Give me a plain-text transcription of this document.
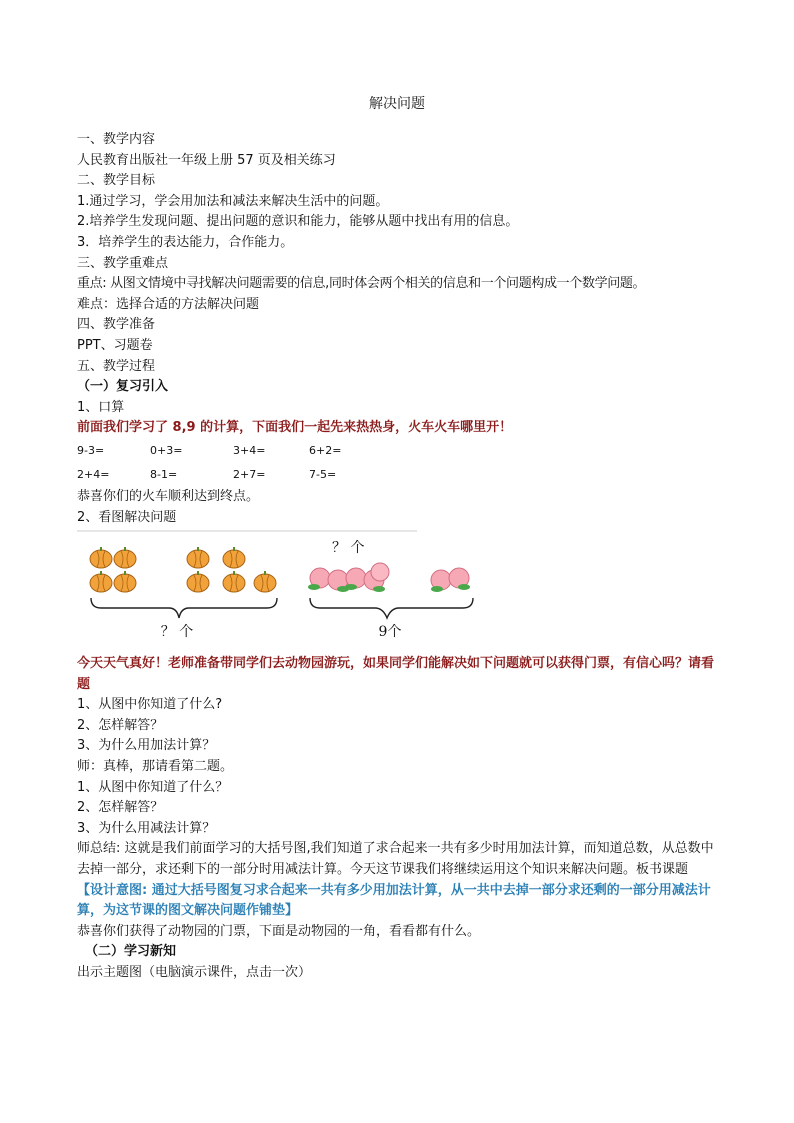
解决问题
一、教学内容
人民教育出版社一年级上册 57 页及相关练习
二、教学目标
1.通过学习，学会用加法和减法来解决生活中的问题。
2.培养学生发现问题、提出问题的意识和能力，能够从题中找出有用的信息。
3．培养学生的表达能力，合作能力。
三、教学重难点
重点: 从图文情境中寻找解决问题需要的信息,同时体会两个相关的信息和一个问题构成一个数学问题。
难点：选择合适的方法解决问题
四、教学准备
PPT、习题卷
五、教学过程
（一）复习引入
1、口算
前面我们学习了 8,9 的计算，下面我们一起先来热热身，火车火车哪里开！
9-3=	0+3=	3+4=	6+2=
2+4=	8-1=	2+7=	7-5=
恭喜你们的火车顺利达到终点。
2、看图解决问题
？ 个
？ 个
9个
今天天气真好！老师准备带同学们去动物园游玩，如果同学们能解决如下问题就可以获得门票，有信心吗？请看题
1、从图中你知道了什么?
2、怎样解答？
3、为什么用加法计算？
师：真棒，那请看第二题。
1、从图中你知道了什么？
2、怎样解答？
3、为什么用减法计算？
师总结: 这就是我们前面学习的大括号图,我们知道了求合起来一共有多少时用加法计算，而知道总数，从总数中去掉一部分，求还剩下的一部分时用减法计算。今天这节课我们将继续运用这个知识来解决问题。板书课题
【设计意图: 通过大括号图复习求合起来一共有多少用加法计算，从一共中去掉一部分求还剩的一部分用减法计算，为这节课的图文解决问题作铺垫】
恭喜你们获得了动物园的门票，下面是动物园的一角，看看都有什么。
（二）学习新知
出示主题图（电脑演示课件，点击一次）
